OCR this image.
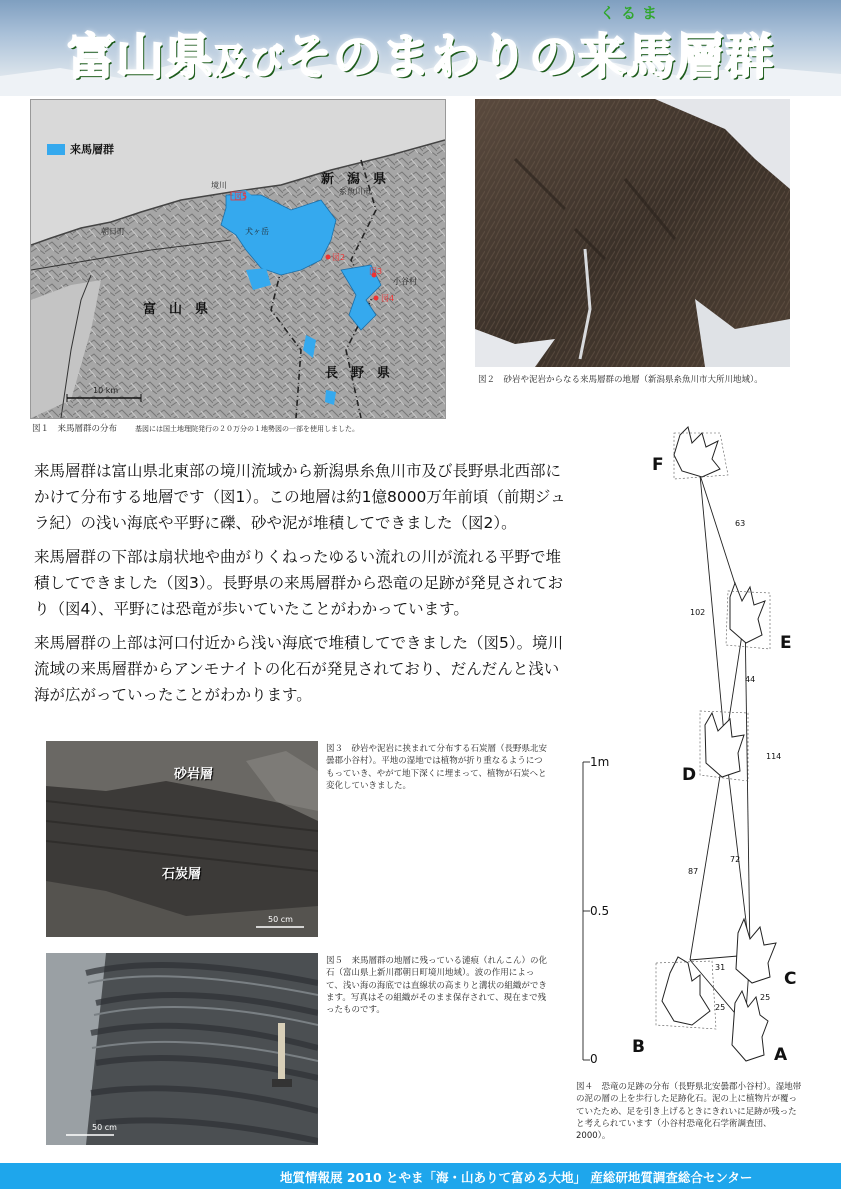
くるま
富山県及びそのまわりの来馬層群
新　潟　県
糸魚川市
富　山　県
長　野　県
朝日町
小谷村
犬ヶ岳
境川
図5
図2
図3
図4
10 km
来馬層群
図１　来馬層群の分布	基図には国土地理院発行の２０万分の１地勢図の一部を使用しました。
図２　砂岩や泥岩からなる来馬層群の地層（新潟県糸魚川市大所川地域）。

来馬層群は富山県北東部の境川流域から新潟県糸魚川市及び長野県北西部にかけて分布する地層です（図1）。この地層は約1億8000万年前頃（前期ジュラ紀）の浅い海底や平野に礫、砂や泥が堆積してできました（図2）。

来馬層群の下部は扇状地や曲がりくねったゆるい流れの川が流れる平野で堆積してできました（図3）。長野県の来馬層群から恐竜の足跡が発見されており（図4）、平野には恐竜が歩いていたことがわかっています。

来馬層群の上部は河口付近から浅い海底で堆積してできました（図5）。境川流域の来馬層群からアンモナイトの化石が発見されており、だんだんと浅い海が広がっていったことがわかります。

砂岩層
石炭層
50 cm
図３　砂岩や泥岩に挟まれて分布する石炭層（長野県北安曇郡小谷村）。平地の湿地では植物が折り重なるようにつもっていき、やがて地下深くに埋まって、植物が石炭へと変化していきました。
50 cm
図５　来馬層群の地層に残っている漣痕（れんこん）の化石（富山県上新川郡朝日町境川地域）。波の作用によって、浅い海の海底では直線状の高まりと溝状の組織ができます。写真はその組織がそのまま保存されて、現在まで残ったものです。
F
E
D
C
B	A
63
102
44
114
72
87
31
25
25
1m
0.5
0
図４　恐竜の足跡の分布（長野県北安曇郡小谷村）。湿地帯の泥の層の上を歩行した足跡化石。泥の上に植物片が覆っていたため、足を引き上げるときにきれいに足跡が残ったと考えられています（小谷村恐竜化石学術調査団、2000）。
地質情報展 2010 とやま「海・山ありて富める大地」 産総研地質調査総合センター
